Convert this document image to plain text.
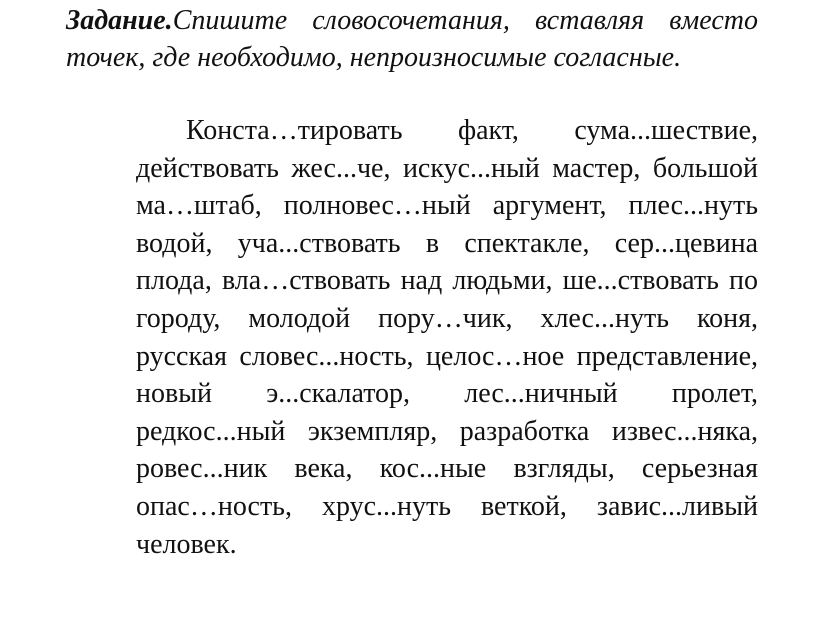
Задание.Спишите словосочетания, вставляя вместо точек, где необходимо, непроизносимые согласные.

Конста…тировать факт, сума...шествие, действовать жес...че, искус...ный мастер, большой ма…штаб, полновес…ный аргумент, плес...нуть водой, уча...ствовать в спектакле, сер...цевина плода, вла…ствовать над людьми, ше...ствовать по городу, молодой пору…чик, хлес...нуть коня, русская словес...ность, целос…ное представление, новый э...скалатор, лес...ничный пролет, редкос...ный экземпляр, разработка извес...няка, ровес...ник века, кос...ные взгляды, серьезная опас…ность, хрус...нуть веткой, завис...ливый человек.
